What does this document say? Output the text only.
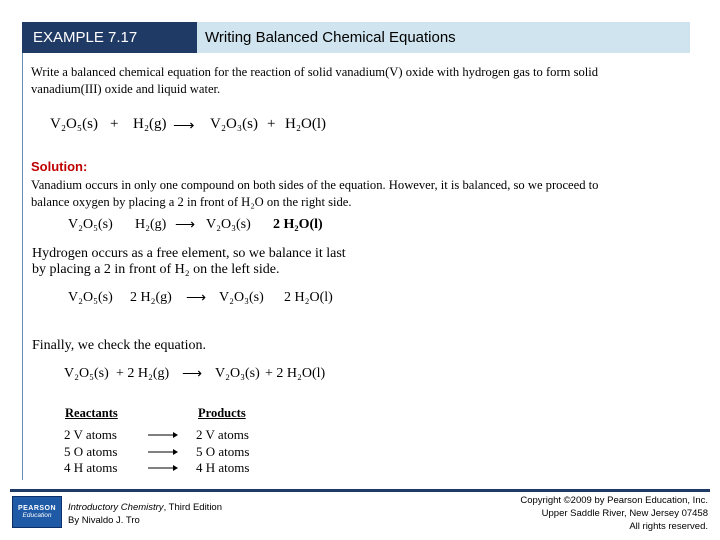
EXAMPLE 7.17	Writing Balanced Chemical Equations
Write a balanced chemical equation for the reaction of solid vanadium(V) oxide with hydrogen gas to form solid
vanadium(III) oxide and liquid water.
V₂O₅(s) + H₂(g) ⟶ V₂O₃(s) + H₂O(l)
Solution:
Vanadium occurs in only one compound on both sides of the equation. However, it is balanced, so we proceed to
balance oxygen by placing a 2 in front of H₂O on the right side.
V₂O₅(s) H₂(g) ⟶ V₂O₃(s) 2 H₂O(l)
Hydrogen occurs as a free element, so we balance it last
by placing a 2 in front of H₂ on the left side.
V₂O₅(s) 2 H₂(g) ⟶ V₂O₃(s) 2 H₂O(l)
Finally, we check the equation.
V₂O₅(s) + 2 H₂(g) ⟶ V₂O₃(s) + 2 H₂O(l)
Reactants	Products
2 V atoms	2 V atoms
5 O atoms	5 O atoms
4 H atoms	4 H atoms
PEARSON
Education
Introductory Chemistry, Third Edition
By Nivaldo J. Tro
Copyright ©2009 by Pearson Education, Inc.
Upper Saddle River, New Jersey 07458
All rights reserved.
